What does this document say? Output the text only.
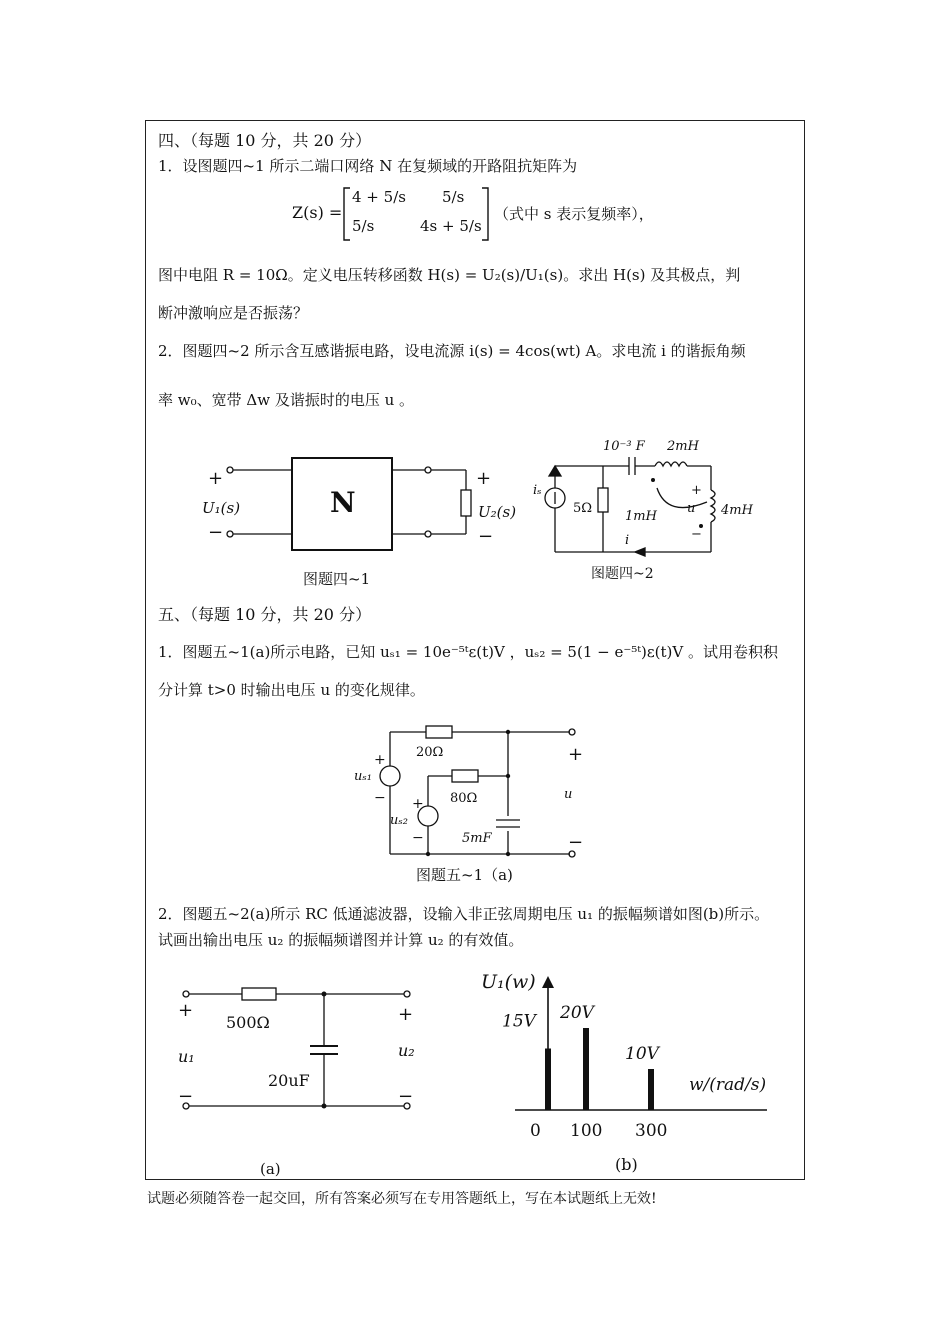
四、（每题 10 分，共 20 分）
1．设图题四~1 所示二端口网络 N 在复频域的开路阻抗矩阵为
Z(s) =
4 + 5/s 5/s
5/s	4s + 5/s
（式中 s 表示复频率），
图中电阻 R = 10Ω。定义电压转移函数 H(s) = U₂(s)/U₁(s)。求出 H(s) 及其极点，判
断冲激响应是否振荡？
2．图题四~2 所示含互感谐振电路，设电流源 i(s) = 4cos(wt) A。求电流 i 的谐振角频
率 w₀、宽带 Δw 及谐振时的电压 u 。
N
+
U₁(s)
−
+
U₂(s)
−
图题四~1
10⁻³ F 2mH
iₛ
5Ω
1mH
+
u
−
4mH
i
图题四~2
五、（每题 10 分，共 20 分）
1．图题五~1(a)所示电路，已知 uₛ₁ = 10e⁻⁵ᵗε(t)V ，uₛ₂ = 5(1 − e⁻⁵ᵗ)ε(t)V 。试用卷积积
分计算 t>0 时输出电压 u 的变化规律。
20Ω
80Ω
5mF
uₛ₁
+
−
uₛ₂
+
−
+
u
−
图题五~1（a)
2．图题五~2(a)所示 RC 低通滤波器，设输入非正弦周期电压 u₁ 的振幅频谱如图(b)所示。
试画出输出电压 u₂ 的振幅频谱图并计算 u₂ 的有效值。
+
500Ω
u₁
−
+
u₂
−
20uF
(a)
U₁(w)
w/(rad/s)
15V
0
20V
100
10V
300
(b)
试题必须随答卷一起交回，所有答案必须写在专用答题纸上，写在本试题纸上无效!
